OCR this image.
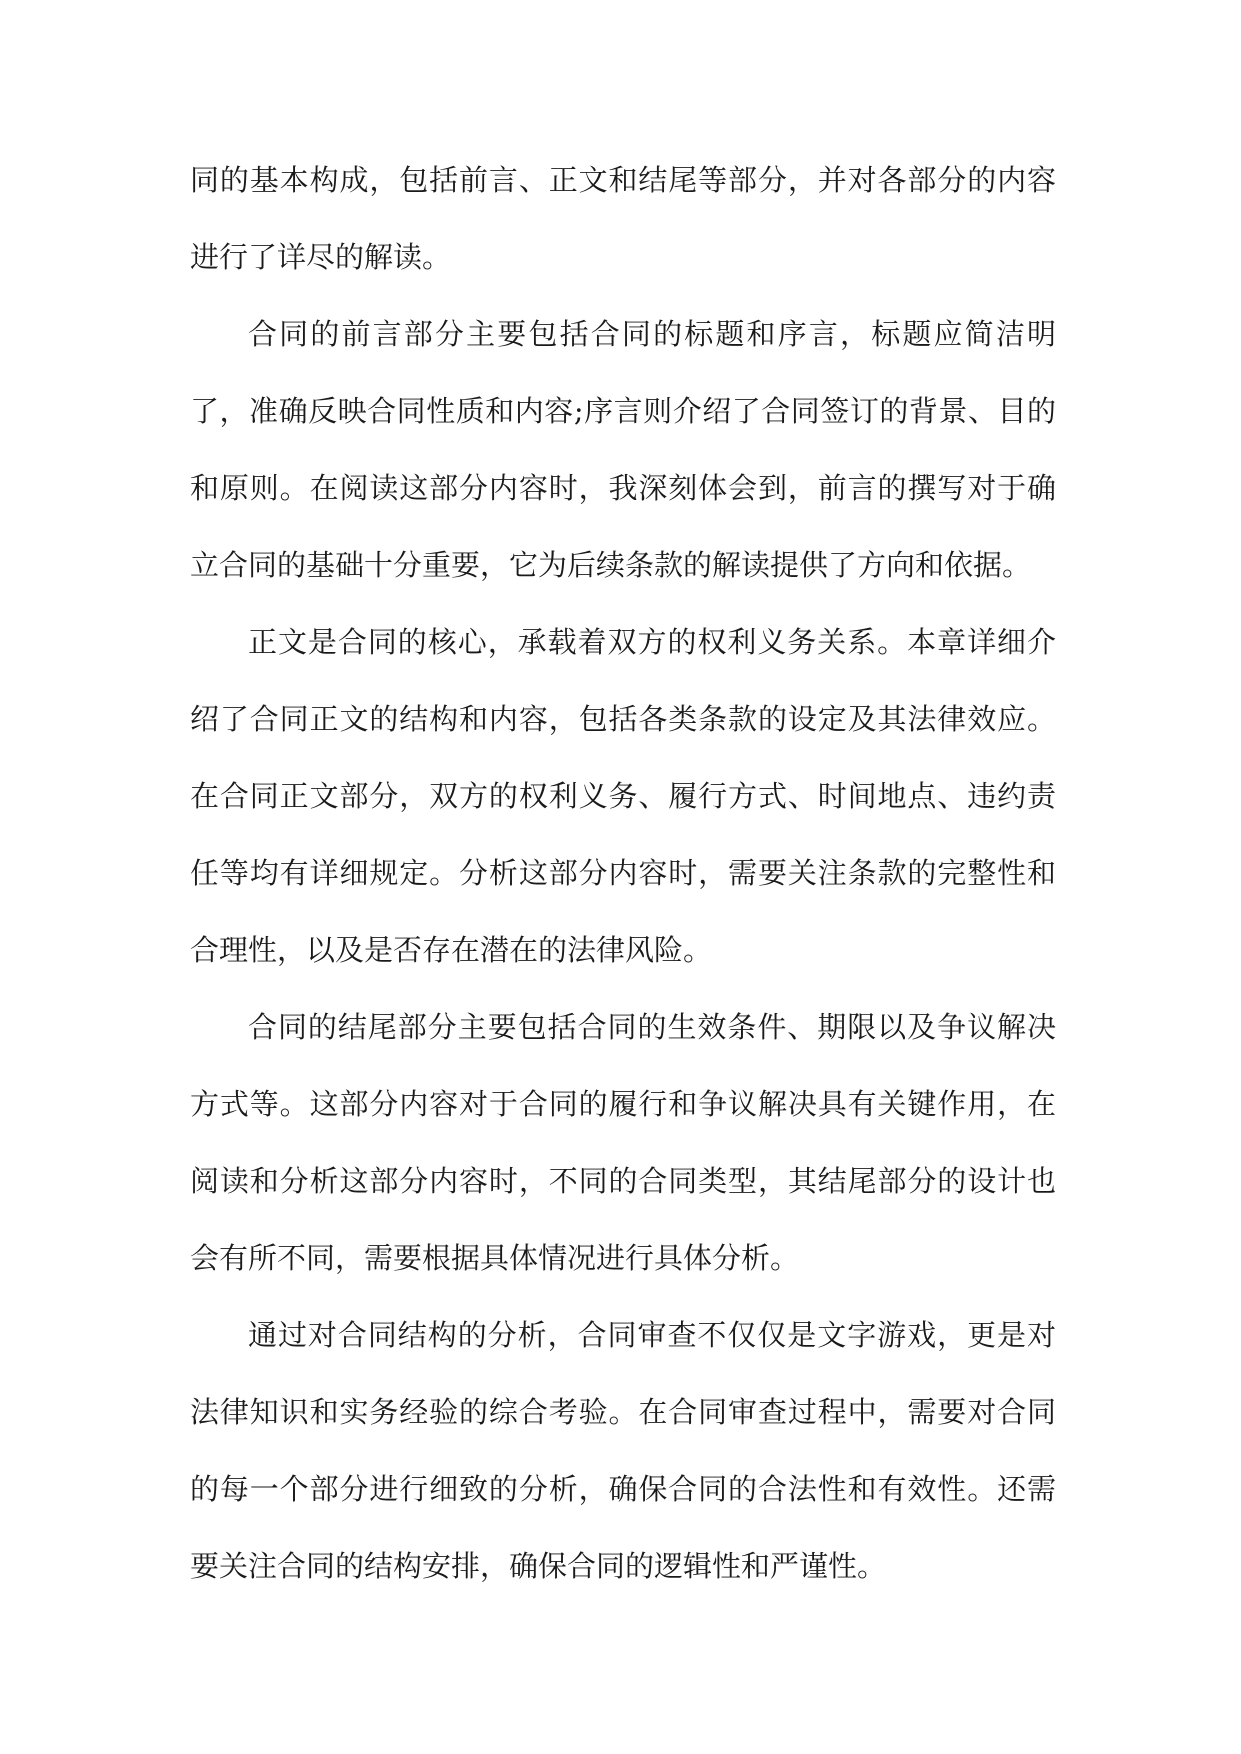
同的基本构成，包括前言、正文和结尾等部分，并对各部分的内容进行了详尽的解读。

合同的前言部分主要包括合同的标题和序言，标题应简洁明了，准确反映合同性质和内容;序言则介绍了合同签订的背景、目的和原则。在阅读这部分内容时，我深刻体会到，前言的撰写对于确立合同的基础十分重要，它为后续条款的解读提供了方向和依据。

正文是合同的核心，承载着双方的权利义务关系。本章详细介绍了合同正文的结构和内容，包括各类条款的设定及其法律效应。在合同正文部分，双方的权利义务、履行方式、时间地点、违约责任等均有详细规定。分析这部分内容时，需要关注条款的完整性和合理性，以及是否存在潜在的法律风险。

合同的结尾部分主要包括合同的生效条件、期限以及争议解决方式等。这部分内容对于合同的履行和争议解决具有关键作用，在阅读和分析这部分内容时，不同的合同类型，其结尾部分的设计也会有所不同，需要根据具体情况进行具体分析。

通过对合同结构的分析，合同审查不仅仅是文字游戏，更是对法律知识和实务经验的综合考验。在合同审查过程中，需要对合同的每一个部分进行细致的分析，确保合同的合法性和有效性。还需要关注合同的结构安排，确保合同的逻辑性和严谨性。
